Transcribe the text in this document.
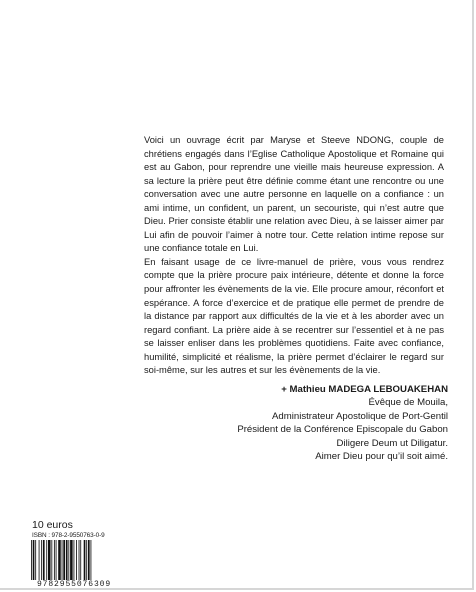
Voici un ouvrage écrit par Maryse et Steeve NDONG, couple de chrétiens engagés dans l’Eglise Catholique Apostolique et Romaine qui est au Gabon, pour reprendre une vieille mais heureuse expression. A sa lecture la prière peut être définie comme étant une rencontre ou une conversation avec une autre personne en laquelle on a confiance : un ami intime, un confident, un parent, un secouriste, qui n’est autre que Dieu. Prier consiste établir une relation avec Dieu, à se laisser aimer par Lui afin de pouvoir l’aimer à notre tour. Cette relation intime repose sur une confiance totale en Lui.

En faisant usage de ce livre-manuel de prière, vous vous rendrez compte que la prière procure paix intérieure, détente et donne la force pour affronter les évènements de la vie. Elle procure amour, réconfort et espérance. A force d’exercice et de pratique elle permet de prendre de la distance par rapport aux difficultés de la vie et à les aborder avec un regard confiant. La prière aide à se recentrer sur l’essentiel et à ne pas se laisser enliser dans les problèmes quotidiens. Faite avec confiance, humilité, simplicité et réalisme, la prière permet d’éclairer le regard sur soi-même, sur les autres et sur les évènements de la vie.

+ Mathieu MADEGA LEBOUAKEHAN
Évêque de Mouila,
Administrateur Apostolique de Port-Gentil
Président de la Conférence Episcopale du Gabon
Diligere Deum ut Diligatur.
Aimer Dieu pour qu’il soit aimé.
10 euros
ISBN : 978-2-9550763-0-9
9782955076309
